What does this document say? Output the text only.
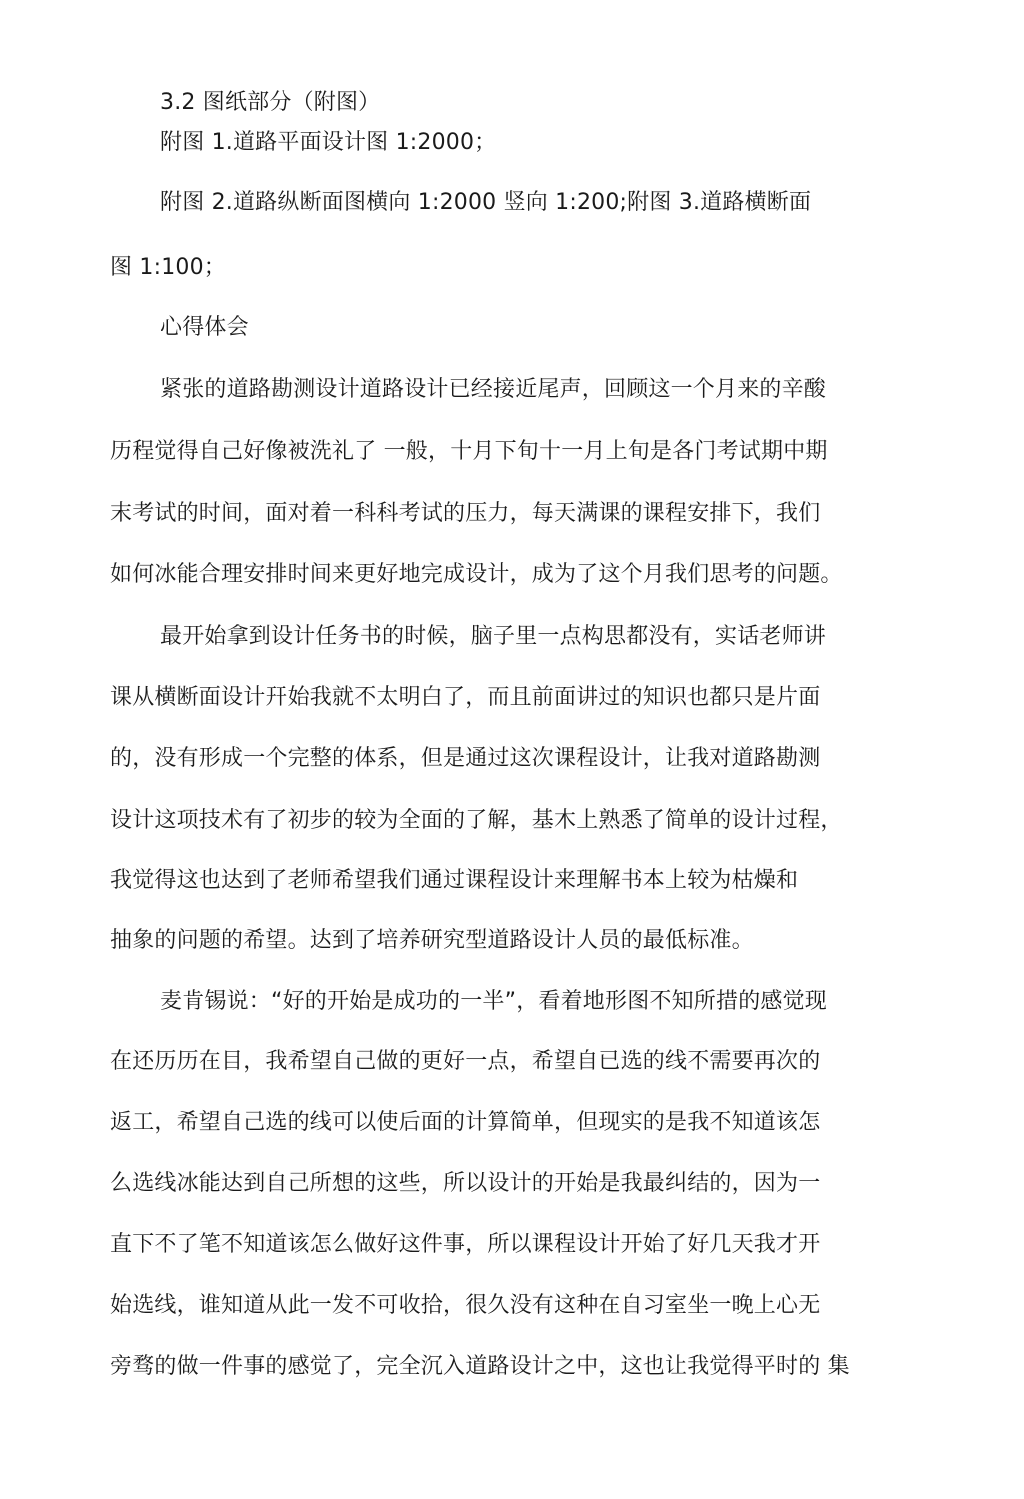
3.2 图纸部分（附图）
附图 1.道路平面设计图 1:2000；
附图 2.道路纵断面图横向 1:2000 竖向 1:200;附图 3.道路横断面
图 1:100；
心得体会
紧张的道路勘测设计道路设计已经接近尾声，回顾这一个月来的辛酸
历程觉得自己好像被洗礼了 一般，十月下旬十一月上旬是各门考试期中期
末考试的时间，面对着一科科考试的压力，每天满课的课程安排下，我们
如何冰能合理安排时间来更好地完成设计，成为了这个月我们思考的问题。
最开始拿到设计任务书的时候，脑子里一点构思都没有，实话老师讲
课从横断面设计幵始我就不太明白了，而且前面讲过的知识也都只是片面
的，没有形成一个完整的体系，但是通过这次课程设计，让我对道路勘测
设计这项技术有了初步的较为全面的了解，基木上熟悉了简单的设计过程，
我觉得这也达到了老师希望我们通过课程设计来理解书本上较为枯燥和
抽象的问题的希望。达到了培养研究型道路设计人员的最低标准。
麦肯锡说：“好的开始是成功的一半”，看着地形图不知所措的感觉现
在还历历在目，我希望自己做的更好一点，希望自已选的线不需要再次的
返工，希望自己选的线可以使后面的计算简单，但现实的是我不知道该怎
么选线冰能达到自己所想的这些，所以设计的开始是我最纠结的，因为一
直下不了笔不知道该怎么做好这件事，所以课程设计开始了好几天我才开
始选线，谁知道从此一发不可收拾，很久没有这种在自习室坐一晚上心无
旁骛的做一件事的感觉了，完全沉入道路设计之中，这也让我觉得平时的 集
